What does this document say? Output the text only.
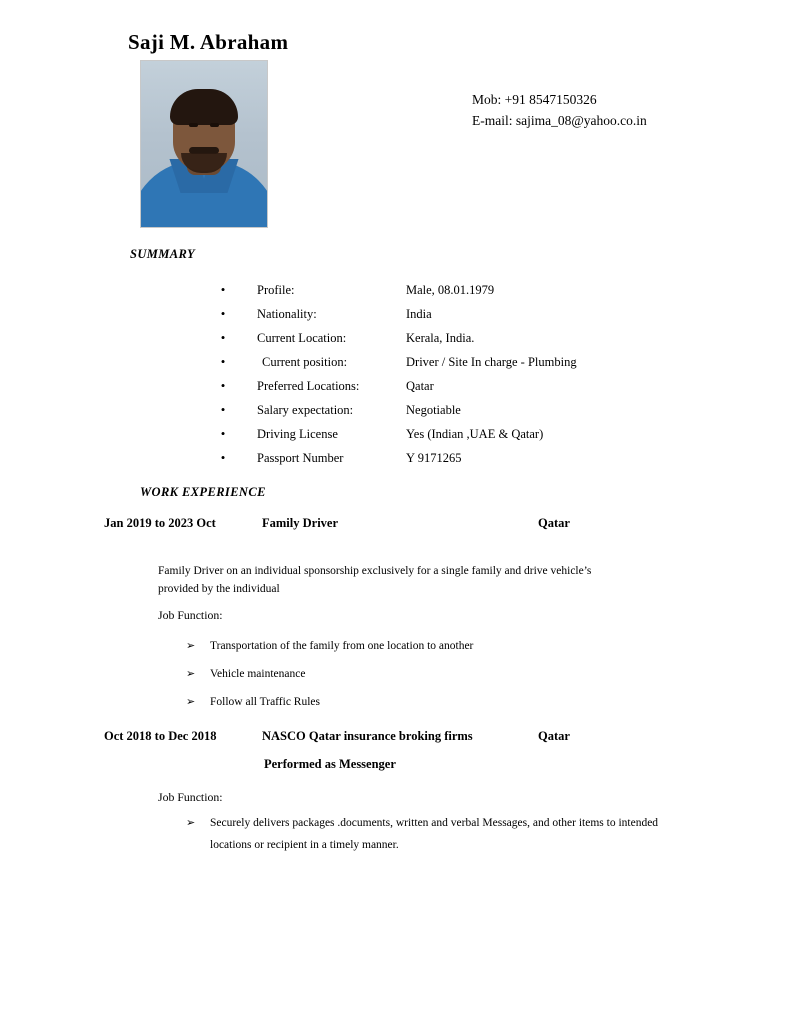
Saji M. Abraham
Mob: +91 8547150326
E-mail: sajima_08@yahoo.co.in
SUMMARY
•	Profile:	Male, 08.01.1979
•	Nationality:	India
•	Current Location:	Kerala, India.
•	Current position:	Driver / Site In charge - Plumbing
•	Preferred Locations:	Qatar
•	Salary expectation:	Negotiable
•	Driving License	Yes (Indian ,UAE & Qatar)
•	Passport Number	Y 9171265
WORK EXPERIENCE
Jan 2019 to 2023 Oct	Family Driver	Qatar
Family Driver on an individual sponsorship exclusively for a single family and drive vehicle’s provided by the individual
Job Function:
➢ Transportation of the family from one location to another
➢ Vehicle maintenance
➢ Follow all Traffic Rules
Oct 2018 to Dec 2018	NASCO Qatar insurance broking firms	Qatar
Performed as Messenger
Job Function:
➢ Securely delivers packages .documents, written and verbal Messages, and other items to intended locations or recipient in a timely manner.
